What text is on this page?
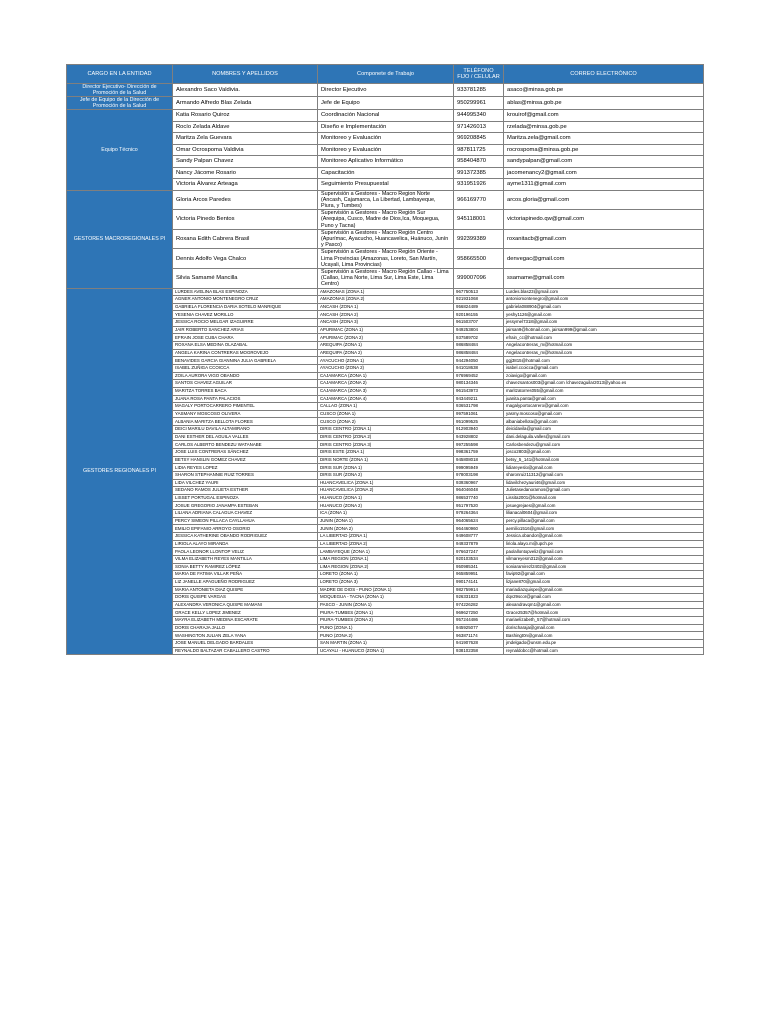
CARGO EN LA ENTIDAD	NOMBRES Y APELLIDOS	Componete de Trabajo	TELÉFONO FIJO / CELULAR	CORREO ELECTRÓNICO
Director Ejecutivo- Dirección de Promoción de la Salud	Alexandro Saco Valdivia.	Director Ejecutivo	933781285	asaco@minsa.gob.pe
Jefe de Equipo de la Dirección de Promoción de la Salud	Armando Alfredo Blas Zelada	Jefe de Equipo	950299961	ablas@minsa.gob.pe
Equipo Técnico	Katia Rosario Quiroz	Coordinación Nacional	944995340	krouirof@gmail.com
	Rocío Zelada Aldave	Diseño e Implementación	971426013	rzelada@minsa.gob.pe
	Maritza Zela Guevara	Monitoreo y Evaluación	969208845	Maritza.zela@gmail.com
	Omar Ocrospoma Valdivia	Monitoreo y Evaluación	987811725	rocrospoma@minsa.gob.pe
	Sandy Palpan Chavez	Monitoreo Aplicativo Informático	958404870	sandypalpan@gmail.com
	Nancy Jácome Rosario	Capacitación	991372385	jacomenancy2@gmail.com
	Victoria Álvarez Arteaga	Seguimiento Presupuestal	931951926	ayme1311@gmail.com
GESTORES MACROREGIONALES PI	Gloria Arcos Paredes	Supervisión a Gestores - Macro Region Norte (Ancash, Cajamarca, La Libertad, Lambayeque, Piura, y Tumbes)	966169770	arcos.gloria@gmail.com
	Victoria Pinedo Bentos	Supervisión a Gestores - Macro Región Sur (Arequipa, Cusco, Madre de Dios,Ica, Moquegua, Puno y Tacna)	945118001	victoriapinedo.qw@gmail.com
	Roxana Edith Cabrera Brasil	Supervisión a Gestores - Macro Región Centro (Apurímac, Ayacucho, Huancavelica, Huánuco, Junín y Pasco)	992399389	roxanitacb@gmail.com
	Dennis Adolfo Vega Chalco	Supervisión a Gestores - Macro Región Oriente - Lima Provincias (Amazonas, Loreto, San Martín, Ucayali, Lima Provincias)	958665500	denvegac@gmail.com
	Silvia Samamé Mancilla	Supervisión a Gestores - Macro Región Callao - Lima (Callao, Lima Norte, Lima Sur, Lima Este, Lima Centro)	999007096	ssamame@gmail.com
GESTORES REGIONALES PI	LURDES AVELINA BLAS ESPINOZA	AMAZONAS (ZONA 1)	967750513	Lurdes.blas23@gmail.com
	AGNER ANTONIO MONTENEGRO CRUZ	AMAZONAS (ZONA 2)	921931068	antoniomontenegro@gmail.com
	GABRIELA FLORENCIA DARIA SOTELO MANRIQUE	ANCASH (ZONA 1)	956824489	gabriela088904@gmail.com
	YESENIA CHAVEZ MORILLO	ANCASH (ZONA 2)	920196155	yeshy1126@gmail.com
	JESSICA ROCIO MELGAR IZAGUIRRE	ANCASH (ZONA 3)	961503707	jessymel7318@gmail.com
	JAIR ROBERTO SANCHEZ ARIAS	APURIMAC (ZONA 1)	949253804	jairsan9@hotmail.com, jairsan999@gmail.com
	EFRAIN JOSE CUBA CHARA	APURIMAC (ZONA 2)	937589702	efrain_cc@hotmail.com
	ROXANA ELSA MEDINA OLAZABAL	AREQUIPA (ZONA 1)	986858484	Angelacontreras_m@hotmail.com
	ANGELA KARINA CONTRERAS MOGROVEJO	AREQUIPA (ZONA 2)	986858484	Angelacontreras_m@hotmail.com
	BENAVIDES GARCIA GIANNINA JULIA GABRIELA	AYACUCHO (ZONA 1)	944294050	ggj3815@hotmail.com
	ISABEL ZUÑIGA CCOICCA	AYACUCHO (ZONA 2)	941018638	isabel.ccoicca@gmail.com
	ZOILA AURORA VIGO OBANDO	CAJAMARCA (ZONA 1)	976969452	zoiavigo@gmail.com
	SANTOS CHAVEZ AGUILAR	CAJAMARCA (ZONA 2)	980134346	chavezsantos003@gmail.com /chavezaguilar2013@yahoo.es
	MARITZA TORRES BACA	CAJAMARCA (ZONA 3)	961543973	maritzatorres055@gmail.com
	JUANA ROSA PANTA PALACIOS	CAJAMARCA (ZONA 4)	943449211	juanita.panta@gmail.com
	MAGALY PORTOCARRERO PIMENTEL	CALLAO (ZONA 1)	936531798	magalyportocarrero@gmail.com
	YASMANY MOSCOSO OLIVERA	CUSCO (ZONA 1)	997591061	yasmy.moscoso@gmail.com
	ALBANIA MARITZA BELLOTA FLORES	CUSCO (ZONA 2)	951099525	albaniabellota@gmail.com
	DEICI MARILU DAVILA ALTAMIRANO	DIRIS CENTRO (ZONA 1)	912903940	deicidavila@gmail.com
	DANI ESTHER DEL AGUILA VALLES	DIRIS CENTRO (ZONA 2)	943928802	dani.delaguila.valles@gmail.com
	CARLOS ALBERTO BENDEZU WATANABE	DIRIS CENTRO (ZONA 3)	997255598	Carlosbendezu@gmail.com
	JOSE LUIS CONTRERAS SÁNCHEZ	DIRIS ESTE (ZONA 1)	998361759	josco2803@gmail.com
	BETSY HANSLIN GOMEZ CHAVEZ	DIRIS NORTE (ZONA 1)	945808018	betsy_5_141@hotmail.com
	LIDIA REYES LOPEZ	DIRIS SUR (ZONA 1)	999095949	lidiareyeslo@gmail.com
	SHARON STEPHANNIE RUIZ TORRES	DIRIS SUR (ZONA 2)	978003198	sharonruiz11312@gmail.com
	LIDA VILCHEZ YAURI	HUANCAVELICA (ZONA 1)	939360967	lidavilchezyauri46@gmail.com
	SEDANO RAMOS JULIETA ESTHER	HUANCAVELICA (ZONA 2)	964046048	Julietasedanoramos@gmail.com
	LISSET PORTUGAL ESPINOZA	HUANUCO (ZONA 1)	986537740	Lissita2001@hotmail.com
	JOSUE GREGORIO JANAMPA ESTEBAN	HUANUCO (ZONA 2)	951797520	josuegrejaes@gmail.com
	LILIANA ADRIANA CALAGUA CHAVEZ	ICA (ZONA 1)	979264364	lilianacal0604@gmail.com
	PERCY SIMEON PILLACA CAYLLAHUA	JUNIN (ZONA 1)	964065624	percy.pillaca@gmail.com
	EMILIO EPIFANIO ARROYO OSORIO	JUNIN (ZONA 2)	964460960	aemilio1516@gmail.com
	JESSICA KATHERINE OBANDO RODRIGUEZ	LA LIBERTAD (ZONA 1)	949608777	Jessica.obandor@gmail.com
	LIRIOLA ALAYO MIRANDA	LA LIBERTAD (ZONA 2)	949337879	liriola.alayo.m@upch.pe
	PAOLA LEONOR LLONTOP VELIZ	LAMBAYEQUE (ZONA 1)	976637247	paolallontopveliz@gmail.com
	VILMA ELIZABETH REYES MANTILLA	LIMA REGION (ZONA 1)	920103534	vilmareyesm312@gmail.com
	SONIA BETTY RAMIREZ LÓPEZ	LIMA REGION (ZONA 2)	950985341	soniaramirezl2402@gmail.com
	MARIA DE FATIMA VILLAR PEÑA	LORETO (ZONA 1)	965859951	favip92@gmail.com
	LIZ JANELLE APAGUEÑO RODRIGUEZ	LORETO (ZONA 3)	990174141	lizjane870@gmail.com
	MARIA ANTONIETA DIAZ QUISPE	MADRE DE DIOS - PUNO (ZONA 1)	982759914	mariadiazquispe@gmail.com
	DORIS QUISPE VARGAS	MOQUEGUA - TACNA (ZONA 1)	926331823	dqv29scor@gmail.com
	ALEXANDRA VERONICA QUISPE MAMANI	PASCO - JUNIN (ZONA 1)	974226282	alexandravqm1@gmail.com
	GRACE KELLY LOPEZ JIMENEZ	PIURA-TUMBES (ZONA 1)	969627250	Grace25357@hotmail.com
	MAYRA ELIZABETH MEDINA ESCARATE	PIURA-TUMBES (ZONA 2)	957244486	mariaelizabeth_57@hotmail.com
	DORIS CHARAJA JALLO	PUNO (ZONA 1)	945925077	dorischaraja@gmail.com
	WASHINGTON JULIAN ZELA YANA	PUNO (ZONA 2)	963871174	Bashingt0n@gmail.com
	JOSE MANUEL DELGADO BARDALES	SAN MARTIN (ZONA 1)	941907628	jmdelgado@unsm.edu.pe
	REYNALDO BALTAZAR CABALLERO CASTRO	UCAYALI - HUANUCO (ZONA 1)	938102358	reynaldobcc@hotmail.com
